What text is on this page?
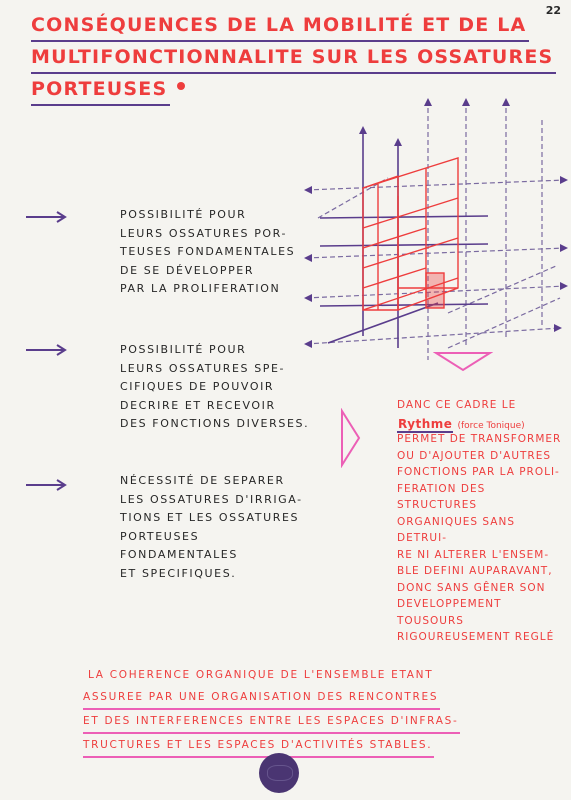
22
CONSÉQUENCES DE LA MOBILITÉ ET DE LA
MULTIFONCTIONNALITE SUR LES OSSATURES
PORTEUSES
POSSIBILITÉ POUR
LEURS OSSATURES POR-
TEUSES FONDAMENTALES
DE SE DÉVELOPPER
PAR LA PROLIFERATION
POSSIBILITÉ POUR
LEURS OSSATURES SPE-
CIFIQUES DE POUVOIR
DECRIRE ET RECEVOIR
DES FONCTIONS DIVERSES.
NÉCESSITÉ DE SEPARER
LES OSSATURES D'IRRIGA-
TIONS ET LES OSSATURES
PORTEUSES FONDAMENTALES
ET SPECIFIQUES.
DANC CE CADRE LE
Rythme (force Tonique)
PERMET DE TRANSFORMER
OU D'AJOUTER D'AUTRES
FONCTIONS PAR LA PROLI-
FERATION DES STRUCTURES
ORGANIQUES SANS DETRUI-
RE NI ALTERER L'ENSEM-
BLE DEFINI AUPARAVANT,
DONC SANS GÊNER SON
DEVELOPPEMENT TOUSOURS
RIGOUREUSEMENT REGLÉ
LA COHERENCE ORGANIQUE DE L'ENSEMBLE ETANT
ASSUREE PAR UNE ORGANISATION DES RENCONTRES
ET DES INTERFERENCES ENTRE LES ESPACES D'INFRAS-
TRUCTURES ET LES ESPACES D'ACTIVITÉS STABLES.
